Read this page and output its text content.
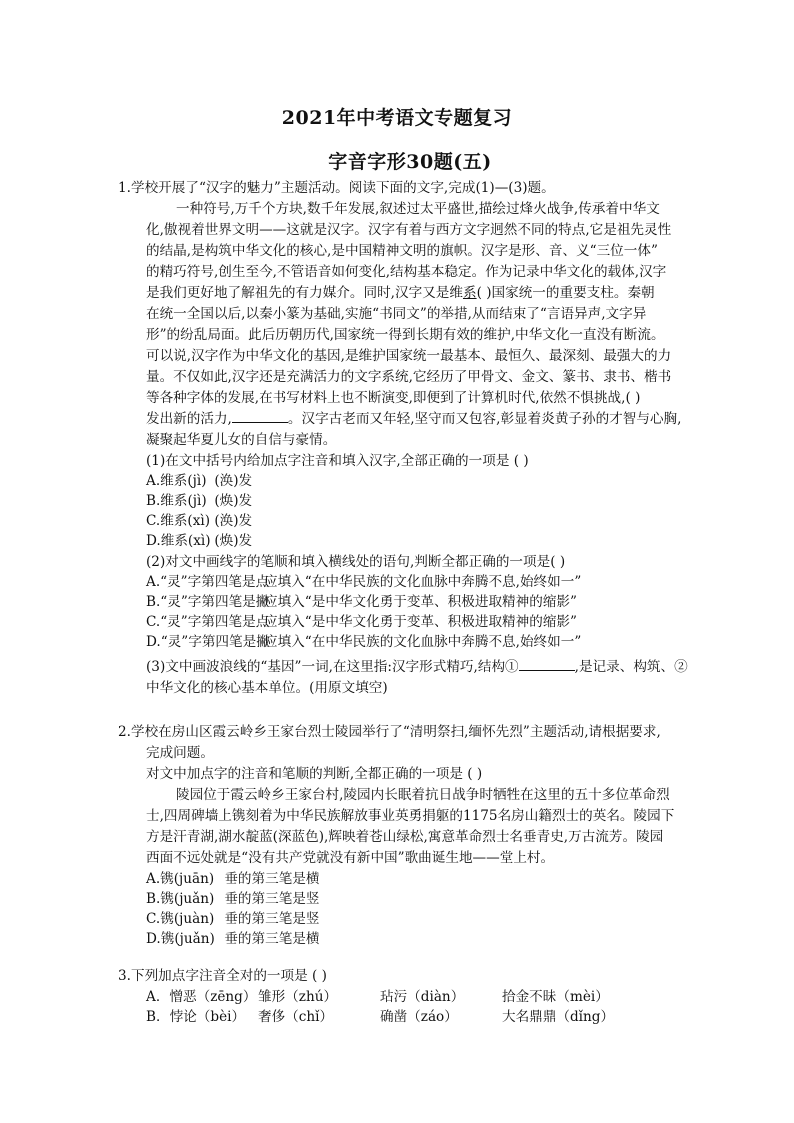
2021年中考语文专题复习
字音字形30题(五)
1.学校开展了“汉字的魅力”主题活动。阅读下面的文字,完成(1)—(3)题。
一种符号,万千个方块,数千年发展,叙述过太平盛世,描绘过烽火战争,传承着中华文
化,傲视着世界文明——这就是汉字。汉字有着与西方文字迥然不同的特点,它是祖先灵性
的结晶,是构筑中华文化的核心,是中国精神文明的旗帜。汉字是形、音、义“三位一体”
的精巧符号,创生至今,不管语音如何变化,结构基本稳定。作为记录中华文化的载体,汉字
是我们更好地了解祖先的有力媒介。同时,汉字又是维系( )国家统一的重要支柱。秦朝
在统一全国以后,以秦小篆为基础,实施“书同文”的举措,从而结束了“言语异声,文字异
形”的纷乱局面。此后历朝历代,国家统一得到长期有效的维护,中华文化一直没有断流。
可以说,汉字作为中华文化的基因,是维护国家统一最基本、最恒久、最深刻、最强大的力
量。不仅如此,汉字还是充满活力的文字系统,它经历了甲骨文、金文、篆书、隶书、楷书
等各种字体的发展,在书写材料上也不断演变,即便到了计算机时代,依然不惧挑战,( )
发出新的活力,	。汉字古老而又年轻,坚守而又包容,彰显着炎黄子孙的才智与心胸,
凝聚起华夏儿女的自信与豪情。
(1)在文中括号内给加点字注音和填入汉字,全部正确的一项是 ( )
A.维系(jì) (涣)发
B.维系(jì) (焕)发
C.维系(xì) (涣)发
D.维系(xì) (焕)发
(2)对文中画线字的笔顺和填入横线处的语句,判断全都正确的一项是( )
A.“灵”字第四笔是点应填入“在中华民族的文化血脉中奔腾不息,始终如一”
B.“灵”字第四笔是撇应填入“是中华文化勇于变革、积极进取精神的缩影”
C.“灵”字第四笔是点应填入“是中华文化勇于变革、积极进取精神的缩影”
D.“灵”字第四笔是撇应填入“在中华民族的文化血脉中奔腾不息,始终如一”
(3)文中画波浪线的“基因”一词,在这里指:汉字形式精巧,结构①	,是记录、构筑、②
中华文化的核心基本单位。(用原文填空)
2.学校在房山区霞云岭乡王家台烈士陵园举行了“清明祭扫,缅怀先烈”主题活动,请根据要求,
完成问题。
对文中加点字的注音和笔顺的判断,全都正确的一项是 ( )
陵园位于霞云岭乡王家台村,陵园内长眠着抗日战争时牺牲在这里的五十多位革命烈
士,四周碑墙上镌刻着为中华民族解放事业英勇捐躯的1175名房山籍烈士的英名。陵园下
方是汗青湖,湖水靛蓝(深蓝色),辉映着苍山绿松,寓意革命烈士名垂青史,万古流芳。陵园
西面不远处就是“没有共产党就没有新中国”歌曲诞生地——堂上村。
A.镌(juān) 垂的第三笔是横
B.镌(juǎn) 垂的第三笔是竖
C.镌(juàn) 垂的第三笔是竖
D.镌(juǎn) 垂的第三笔是横
3.下列加点字注音全对的一项是 ( )
A．憎恶（zēng） 雏形（zhú）	玷污（diàn）	拾金不昧（mèi）
B．悖论（bèi） 奢侈（chǐ）	确凿（záo）	大名鼎鼎（dǐng）
